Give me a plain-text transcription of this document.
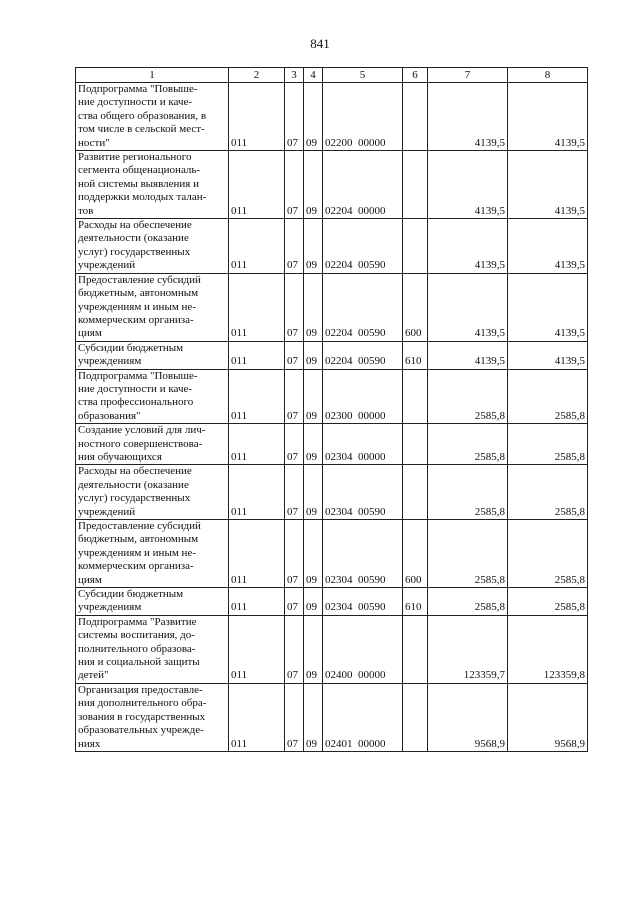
841
1	2	3	4	5	6	7	8
Подпрограмма "Повыше-
ние доступности и каче-
ства общего образования, в
том числе в сельской мест-
ности"	011	07	09	02200  00000		4139,5	4139,5
Развитие регионального
сегмента общенациональ-
ной системы выявления и
поддержки молодых талан-
тов	011	07	09	02204  00000		4139,5	4139,5
Расходы на обеспечение
деятельности (оказание
услуг) государственных
учреждений	011	07	09	02204  00590		4139,5	4139,5
Предоставление субсидий
бюджетным, автономным
учреждениям и иным не-
коммерческим организа-
циям	011	07	09	02204  00590	600	4139,5	4139,5
Субсидии бюджетным
учреждениям	011	07	09	02204  00590	610	4139,5	4139,5
Подпрограмма "Повыше-
ние доступности и каче-
ства профессионального
образования"	011	07	09	02300  00000		2585,8	2585,8
Создание условий для лич-
ностного совершенствова-
ния обучающихся	011	07	09	02304  00000		2585,8	2585,8
Расходы на обеспечение
деятельности (оказание
услуг) государственных
учреждений	011	07	09	02304  00590		2585,8	2585,8
Предоставление субсидий
бюджетным, автономным
учреждениям и иным не-
коммерческим организа-
циям	011	07	09	02304  00590	600	2585,8	2585,8
Субсидии бюджетным
учреждениям	011	07	09	02304  00590	610	2585,8	2585,8
Подпрограмма "Развитие
системы воспитания, до-
полнительного образова-
ния и социальной защиты
детей"	011	07	09	02400  00000		123359,7	123359,8
Организация предоставле-
ния дополнительного обра-
зования в государственных
образовательных учрежде-
ниях	011	07	09	02401  00000		9568,9	9568,9
